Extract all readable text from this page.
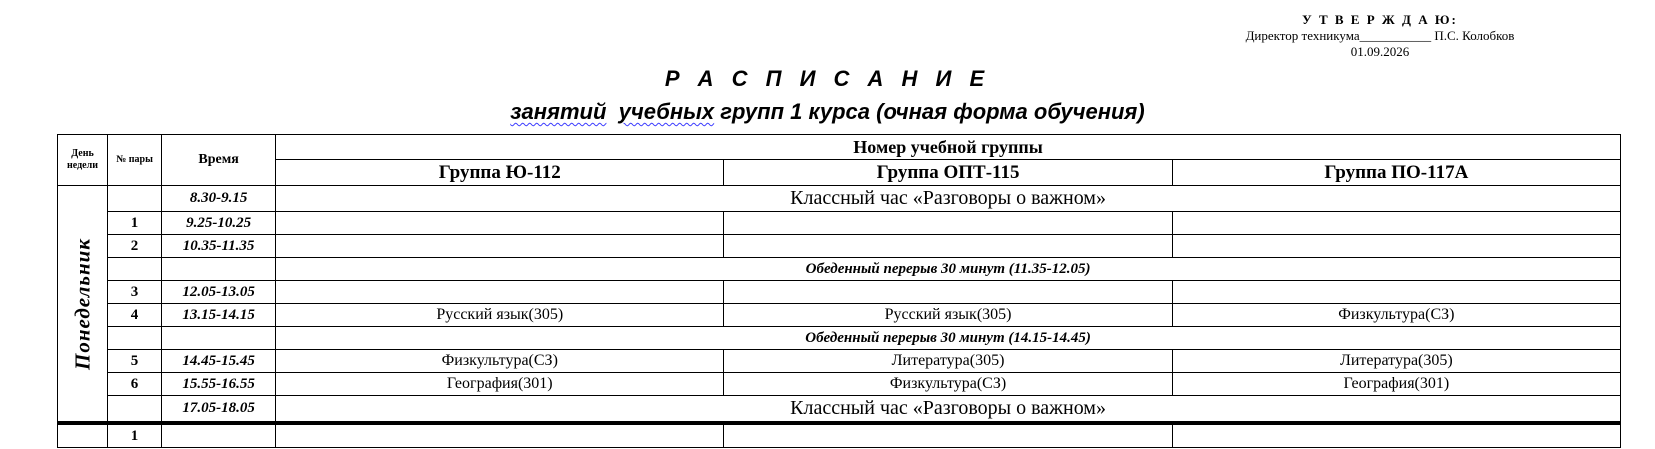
У Т В Е Р Ж Д А Ю:
Директор техникума___________ П.С. Колобков
01.09.2026
Р А С П И С А Н И Е
занятий учебных групп 1 курса (очная форма обучения)
День недели	№ пары	Время	Номер учебной группы		
			Группа Ю-112	Группа ОПТ-115	Группа ПО-117А

Понедельник		8.30-9.15	Классный час «Разговоры о важном»		
	1	9.25-10.25			
	2	10.35-11.35			
			Обеденный перерыв 30 минут (11.35-12.05)		
	3	12.05-13.05			
	4	13.15-14.15	Русский язык(305)	Русский язык(305)	Физкультура(СЗ)
			Обеденный перерыв 30 минут (14.15-14.45)		
	5	14.45-15.45	Физкультура(СЗ)	Литература(305)	Литература(305)
	6	15.55-16.55	География(301)	Физкультура(СЗ)	География(301)
		17.05-18.05	Классный час «Разговоры о важном»		
	1				
